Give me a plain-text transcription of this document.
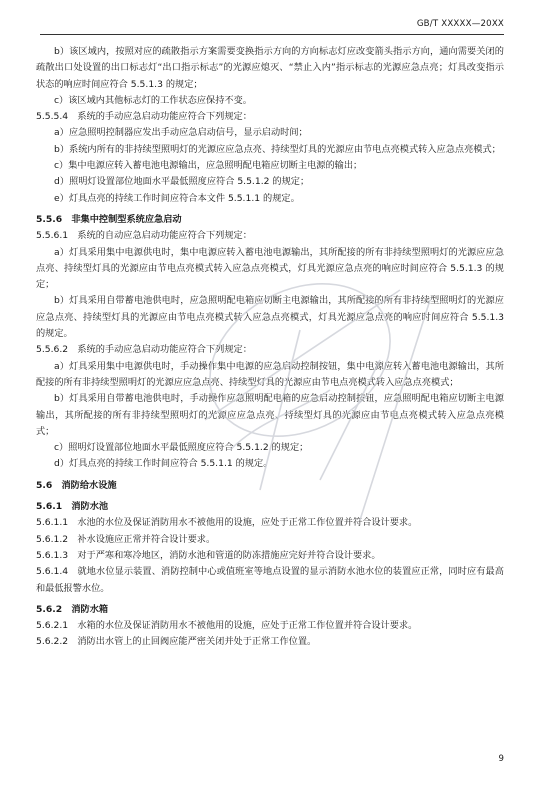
GB/T XXXXX—20XX

b）该区域内，按照对应的疏散指示方案需要变换指示方向的方向标志灯应改变箭头指示方向，通向需要关闭的疏散出口处设置的出口标志灯“出口指示标志”的光源应熄灭、“禁止入内”指示标志的光源应急点亮；灯具改变指示状态的响应时间应符合 5.5.1.3 的规定；

c）该区域内其他标志灯的工作状态应保持不变。

5.5.5.4　系统的手动应急启动功能应符合下列规定：

a）应急照明控制器应发出手动应急启动信号，显示启动时间；

b）系统内所有的非持续型照明灯的光源应应急点亮、持续型灯具的光源应由节电点亮模式转入应急点亮模式；

c）集中电源应转入蓄电池电源输出，应急照明配电箱应切断主电源的输出；

d）照明灯设置部位地面水平最低照度应符合 5.5.1.2 的规定；

e）灯具点亮的持续工作时间应符合本文件 5.5.1.1 的规定。

5.5.6　非集中控制型系统应急启动

5.5.6.1　系统的自动应急启动功能应符合下列规定：

a）灯具采用集中电源供电时，集中电源应转入蓄电池电源输出，其所配接的所有非持续型照明灯的光源应应急点亮、持续型灯具的光源应由节电点亮模式转入应急点亮模式，灯具光源应急点亮的响应时间应符合 5.5.1.3 的规定；

b）灯具采用自带蓄电池供电时，应急照明配电箱应切断主电源输出，其所配接的所有非持续型照明灯的光源应应急点亮、持续型灯具的光源应由节电点亮模式转入应急点亮模式，灯具光源应急点亮的响应时间应符合 5.5.1.3 的规定。

5.5.6.2　系统的手动应急启动功能应符合下列规定：

a）灯具采用集中电源供电时，手动操作集中电源的应急启动控制按钮，集中电源应转入蓄电池电源输出，其所配接的所有非持续型照明灯的光源应应急点亮、持续型灯具的光源应由节电点亮模式转入应急点亮模式；

b）灯具采用自带蓄电池供电时，手动操作应急照明配电箱的应急启动控制按钮，应急照明配电箱应切断主电源输出，其所配接的所有非持续型照明灯的光源应应急点亮、持续型灯具的光源应由节电点亮模式转入应急点亮模式；

c）照明灯设置部位地面水平最低照度应符合 5.5.1.2 的规定；

d）灯具点亮的持续工作时间应符合 5.5.1.1 的规定。

5.6　消防给水设施

5.6.1　消防水池

5.6.1.1　水池的水位及保证消防用水不被他用的设施，应处于正常工作位置并符合设计要求。

5.6.1.2　补水设施应正常并符合设计要求。

5.6.1.3　对于严寒和寒冷地区，消防水池和管道的防冻措施应完好并符合设计要求。

5.6.1.4　就地水位显示装置、消防控制中心或值班室等地点设置的显示消防水池水位的装置应正常，同时应有最高和最低报警水位。

5.6.2　消防水箱

5.6.2.1　水箱的水位及保证消防用水不被他用的设施，应处于正常工作位置并符合设计要求。

5.6.2.2　消防出水管上的止回阀应能严密关闭并处于正常工作位置。

9
